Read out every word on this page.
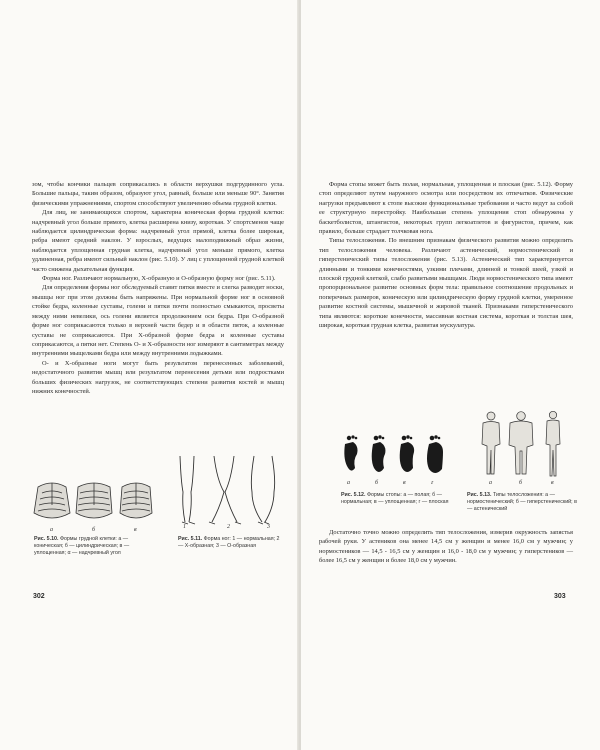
зом, чтобы кончики пальцев соприкасались в области верхушки подгрудинного угла. Большие пальцы, таким образом, образуют угол, равный, больше или меньше 90°. Занятия физическими упражнениями, спортом способствуют увеличению объема грудной клетки.

Для лиц, не занимающихся спортом, характерна коническая форма грудной клетки: надчревный угол больше прямого, клетка расширена книзу, короткая. У спортсменов чаще наблюдается цилиндрическая форма: надчревный угол прямой, клетка более широкая, ребра имеют средний наклон. У взрослых, ведущих малоподвижный образ жизни, наблюдается уплощенная грудная клетка, надчревный угол меньше прямого, клетка удлиненная, ребра имеют сильный наклон (рис. 5.10). У лиц с уплощенной грудной клеткой часто снижена дыхательная функция.

Форма ног. Различают нормальную, Х-образную и О-образную форму ног (рис. 5.11).

Для определения формы ног обследуемый ставит пятки вместе и слегка разводит носки, мышцы ног при этом должны быть напряжены. При нормальной форме ног в основной стойке бедра, коленные суставы, голени и пятки почти полностью смыкаются, просветы между ними невелики, ось голени является продолжением оси бедра. При О-образной форме ног соприкасаются только в верхней части бедер и в области пяток, а коленные суставы не соприкасаются. При Х-образной форме бедра и коленные суставы соприкасаются, а пятки нет. Степень О- и Х-образности ног измеряют в сантиметрах между внутренними мыщелками бедра или между внутренними лодыжками.

О- и Х-образные ноги могут быть результатом перенесенных заболеваний, недостаточного развития мышц или результатом перенесения детьми или подростками больших физических нагрузок, не соответствующих степени развития костей и мышц нижних конечностей.

а	б	в
Рис. 5.10. Формы грудной клетки: а — коническая; б — цилиндрическая; в — уплощенная; α — надчревный угол
1	2	3
Рис. 5.11. Форма ног: 1 — нормальная; 2 — Х-образная; 3 — О-образная
302

Форма стопы может быть полая, нормальная, уплощенная и плоская (рис. 5.12). Форму стоп определяют путем наружного осмотра или посредством их отпечатков. Физические нагрузки предъявляют к стопе высокие функциональные требования и часто ведут за собой ее структурную перестройку. Наибольшая степень уплощения стоп обнаружена у баскетболистов, штангистов, некоторых групп легкоатлетов и фигуристов, причем, как правило, больше страдает толчковая нога.

Типы телосложения. По внешним признакам физического развития можно определить тип телосложения человека. Различают астенический, нормостенический и гиперстенический типы телосложения (рис. 5.13). Астенический тип характеризуется длинными и тонкими конечностями, узкими плечами, длинной и тонкой шеей, узкой и плоской грудной клеткой, слабо развитыми мышцами. Люди нормостенического типа имеют пропорциональное развитие основных форм тела: правильное соотношение продольных и поперечных размеров, коническую или цилиндрическую форму грудной клетки, умеренное развитие костной системы, мышечной и жировой тканей. Признаками гиперстенического типа являются: короткие конечности, массивная костная система, короткая и толстая шея, широкая, короткая грудная клетка, развитая мускулатура.

а	б	в	г
Рис. 5.12. Формы стопы: а — полая; б — нормальная; в — уплощенная; г — плоская
а	б	в
Рис. 5.13. Типы телосложения: а — нормостенический; б — гиперстенический; в — астенический

Достаточно точно можно определить тип телосложения, измерив окружность запястья рабочей руки. У астеников она менее 14,5 см у женщин и менее 16,0 см у мужчин; у нормостеников — 14,5 - 16,5 см у женщин и 16,0 - 18,0 см у мужчин; у гиперстеников — более 16,5 см у женщин и более 18,0 см у мужчин.

303
